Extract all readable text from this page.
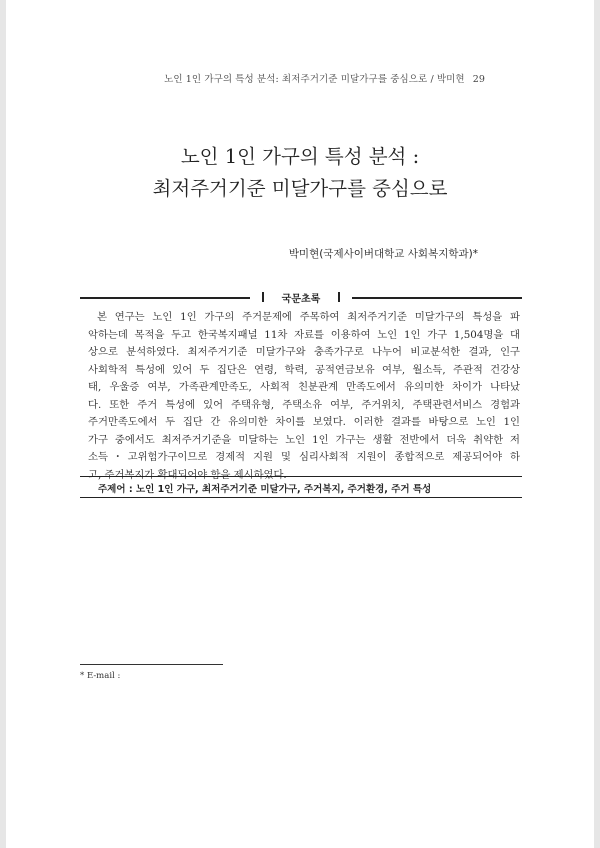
노인 1인 가구의 특성 분석: 최저주거기준 미달가구를 중심으로 / 박미현 29
노인 1인 가구의 특성 분석 :
최저주거기준 미달가구를 중심으로
박미현(국제사이버대학교 사회복지학과)*
국문초록
본 연구는 노인 1인 가구의 주거문제에 주목하여 최저주거기준 미달가구의 특성을 파
악하는데 목적을 두고 한국복지패널 11차 자료를 이용하여 노인 1인 가구 1,504명을 대
상으로 분석하였다. 최저주거기준 미달가구와 충족가구로 나누어 비교분석한 결과, 인구
사회학적 특성에 있어 두 집단은 연령, 학력, 공적연금보유 여부, 월소득, 주관적 건강상
태, 우울증 여부, 가족관계만족도, 사회적 친분관계 만족도에서 유의미한 차이가 나타났
다. 또한 주거 특성에 있어 주택유형, 주택소유 여부, 주거위치, 주택관련서비스 경험과
주거만족도에서 두 집단 간 유의미한 차이를 보였다. 이러한 결과를 바탕으로 노인 1인
가구 중에서도 최저주거기준을 미달하는 노인 1인 가구는 생활 전반에서 더욱 취약한 저
소득・고위험가구이므로 경제적 지원 및 심리사회적 지원이 종합적으로 제공되어야 하
고, 주거복지가 확대되어야 함을 제시하였다.
주제어 : 노인 1인 가구, 최저주거기준 미달가구, 주거복지, 주거환경, 주거 특성
* E-mail :
